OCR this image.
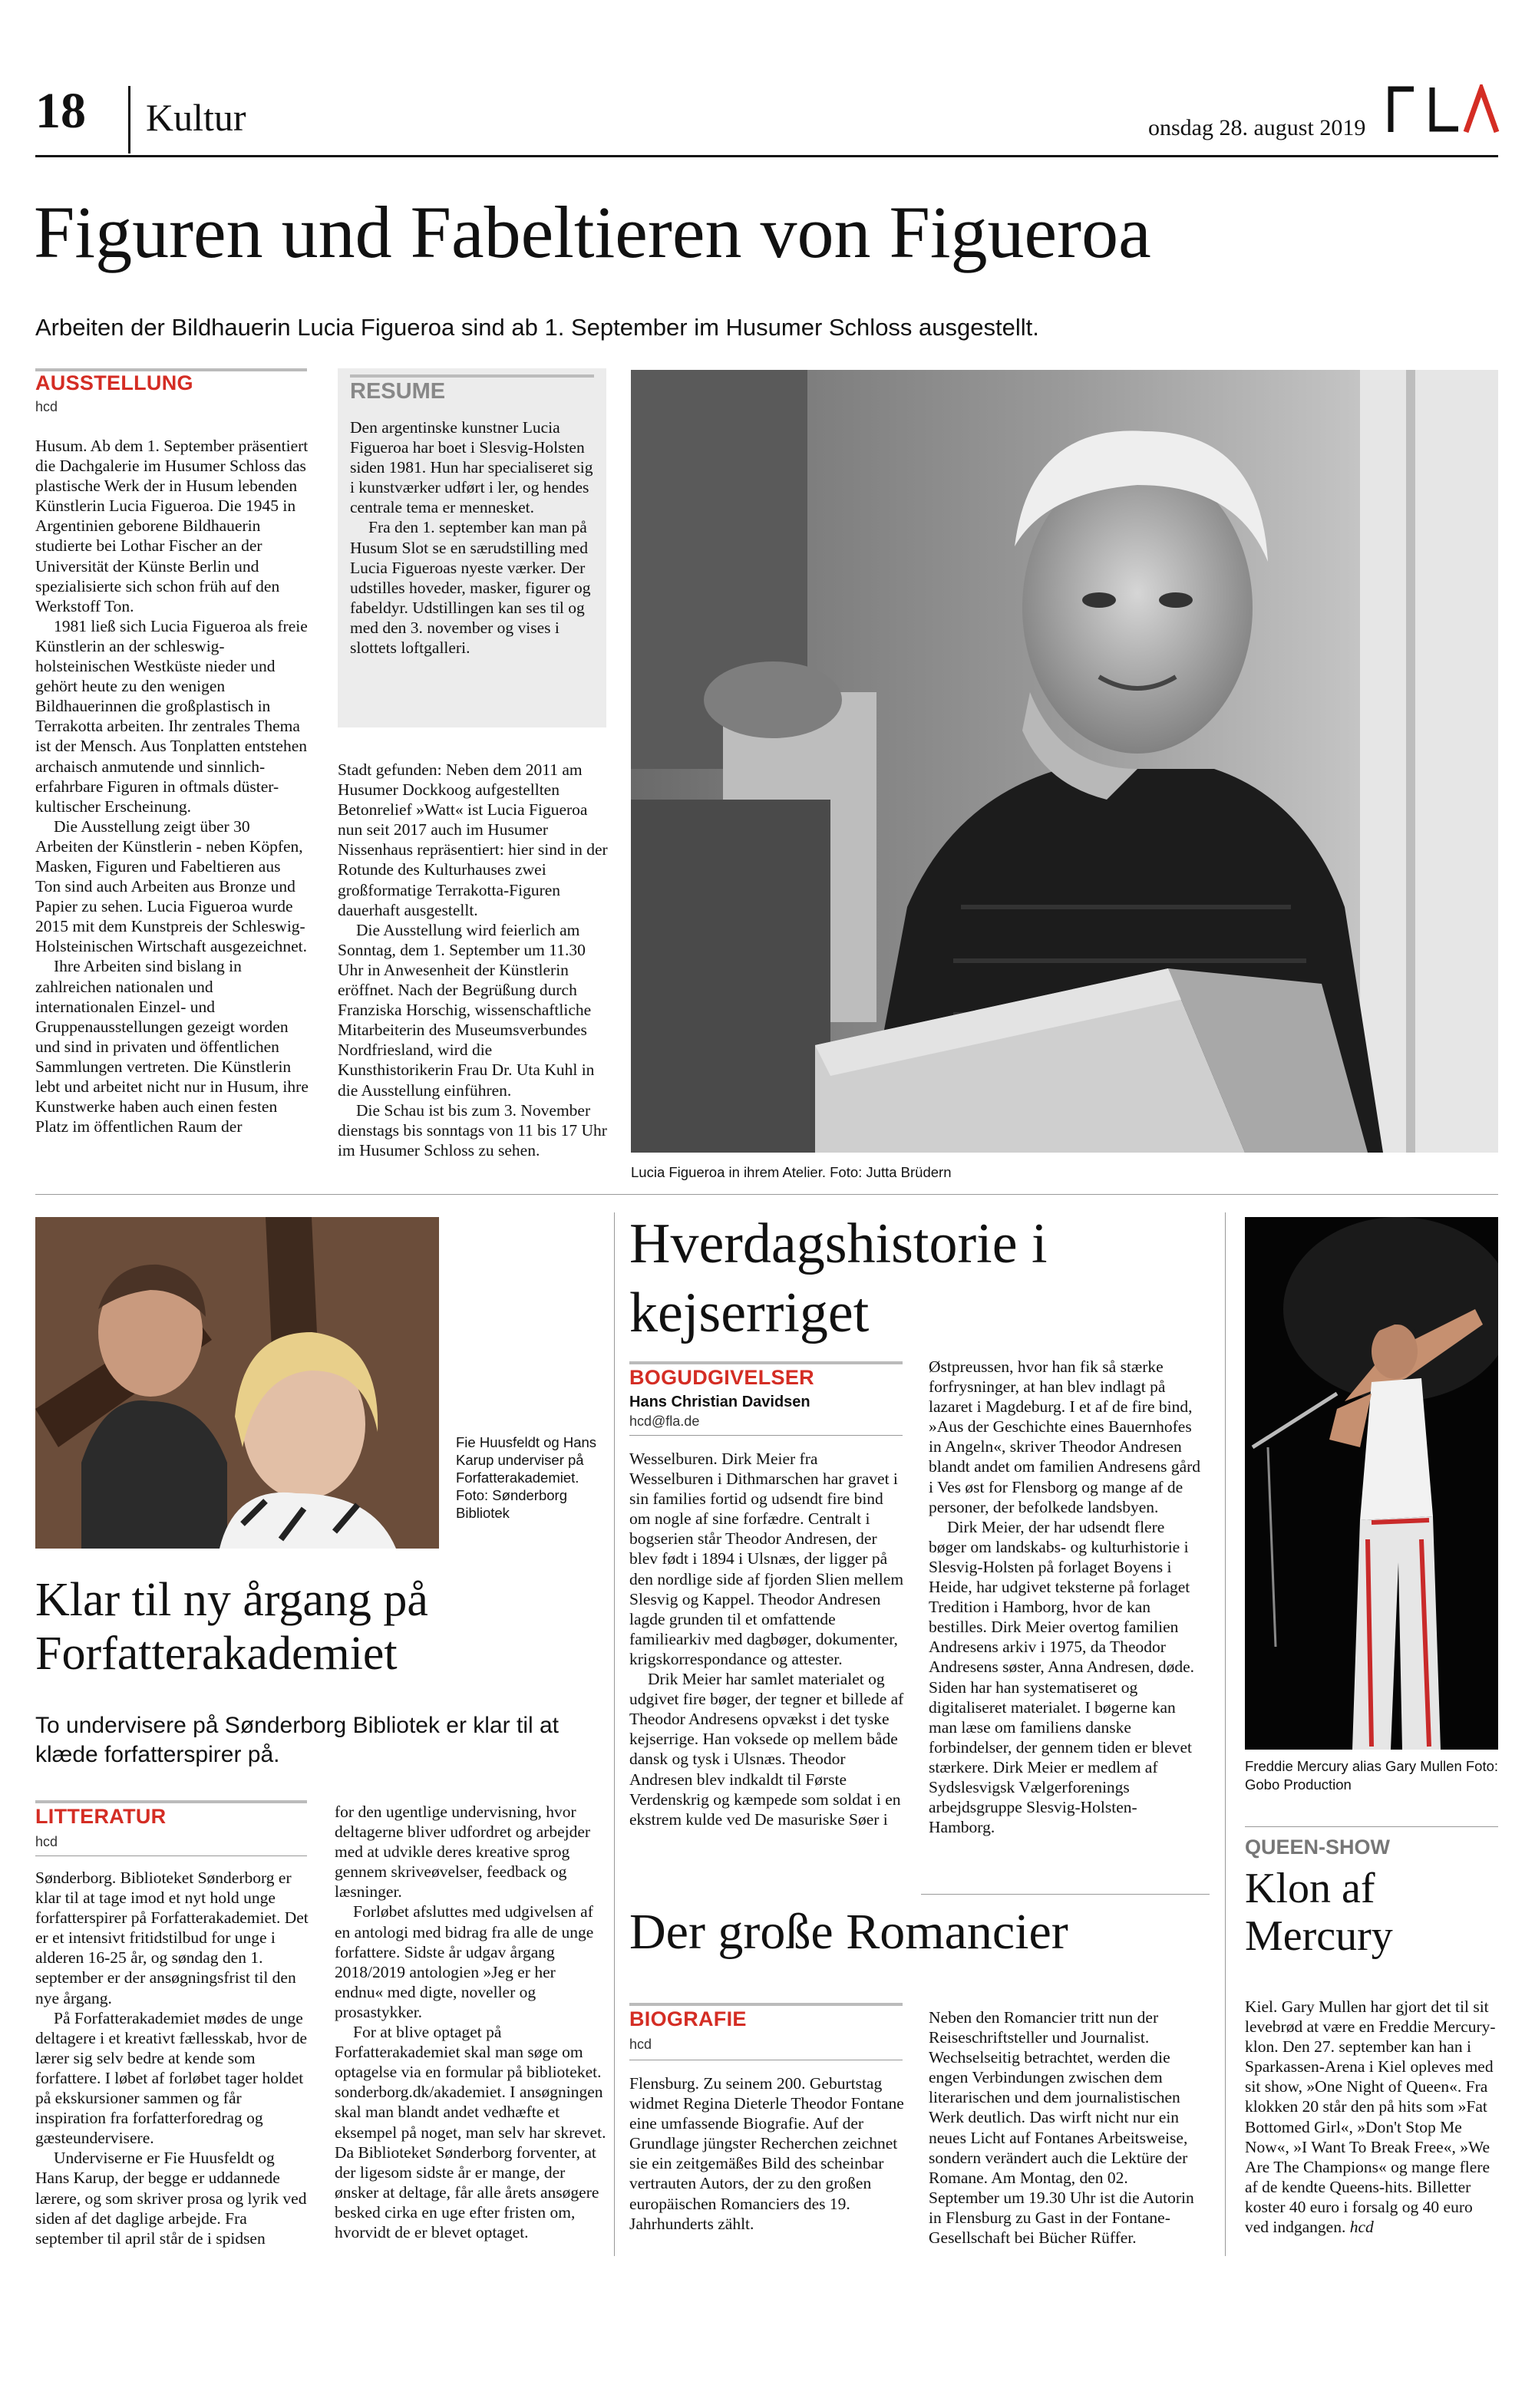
18 Kultur	onsdag 28. august 2019
Figuren und Fabeltieren von Figueroa
Arbeiten der Bildhauerin Lucia Figueroa sind ab 1. September im Husumer Schloss ausgestellt.
AUSSTELLUNG
hcd

Husum. Ab dem 1. September präsentiert die Dachgalerie im Husumer Schloss das plastische Werk der in Husum lebenden Künstlerin Lucia Figueroa. Die 1945 in Argentinien geborene Bildhauerin studierte bei Lothar Fischer an der Universität der Künste Berlin und spezialisierte sich schon früh auf den Werkstoff Ton.

1981 ließ sich Lucia Figueroa als freie Künstlerin an der schleswig-holsteinischen Westküste nieder und gehört heute zu den wenigen Bildhauerinnen die großplastisch in Terrakotta arbeiten. Ihr zentrales Thema ist der Mensch. Aus Tonplatten entstehen archaisch anmutende und sinnlich-erfahrbare Figuren in oftmals düster-kultischer Erscheinung.

Die Ausstellung zeigt über 30 Arbeiten der Künstlerin - neben Köpfen, Masken, Figuren und Fabeltieren aus Ton sind auch Arbeiten aus Bronze und Papier zu sehen. Lucia Figueroa wurde 2015 mit dem Kunstpreis der Schleswig-Holsteinischen Wirtschaft ausgezeichnet.

Ihre Arbeiten sind bislang in zahlreichen nationalen und internationalen Einzel- und Gruppenausstellungen gezeigt worden und sind in privaten und öffentlichen Sammlungen vertreten. Die Künstlerin lebt und arbeitet nicht nur in Husum, ihre Kunstwerke haben auch einen festen Platz im öffentlichen Raum der

RESUME

Den argentinske kunstner Lucia Figueroa har boet i Slesvig-Holsten siden 1981. Hun har specialiseret sig i kunstværker udført i ler, og hendes centrale tema er mennesket.

Fra den 1. september kan man på Husum Slot se en særudstilling med Lucia Figueroas nyeste værker. Der udstilles hoveder, masker, figurer og fabeldyr. Udstillingen kan ses til og med den 3. november og vises i slottets loftgalleri.

Stadt gefunden: Neben dem 2011 am Husumer Dockkoog aufgestellten Betonrelief »Watt« ist Lucia Figueroa nun seit 2017 auch im Husumer Nissenhaus repräsentiert: hier sind in der Rotunde des Kulturhauses zwei großformatige Terrakotta-Figuren dauerhaft ausgestellt.

Die Ausstellung wird feierlich am Sonntag, dem 1. September um 11.30 Uhr in Anwesenheit der Künstlerin eröffnet. Nach der Begrüßung durch Franziska Horschig, wissenschaftliche Mitarbeiterin des Museumsverbundes Nordfriesland, wird die Kunsthistorikerin Frau Dr. Uta Kuhl in die Ausstellung einführen.

Die Schau ist bis zum 3. November dienstags bis sonntags von 11 bis 17 Uhr im Husumer Schloss zu sehen.

Lucia Figueroa in ihrem Atelier. Foto: Jutta Brüdern
Fie Huusfeldt og Hans Karup underviser på Forfatterakademiet. Foto: Sønderborg Bibliotek
Klar til ny årgang på Forfatterakademiet
To undervisere på Sønderborg Bibliotek er klar til at klæde forfatterspirer på.
LITTERATUR
hcd

Sønderborg. Biblioteket Sønderborg er klar til at tage imod et nyt hold unge forfatterspirer på Forfatterakademiet. Det er et intensivt fritidstilbud for unge i alderen 16-25 år, og søndag den 1. september er der ansøgningsfrist til den nye årgang.

På Forfatterakademiet mødes de unge deltagere i et kreativt fællesskab, hvor de lærer sig selv bedre at kende som forfattere. I løbet af forløbet tager holdet på ekskursioner sammen og får inspiration fra forfatterforedrag og gæsteundervisere.

Underviserne er Fie Huusfeldt og Hans Karup, der begge er uddannede lærere, og som skriver prosa og lyrik ved siden af det daglige arbejde. Fra september til april står de i spidsen

for den ugentlige undervisning, hvor deltagerne bliver udfordret og arbejder med at udvikle deres kreative sprog gennem skriveøvelser, feedback og læsninger.

Forløbet afsluttes med udgivelsen af en antologi med bidrag fra alle de unge forfattere. Sidste år udgav årgang 2018/2019 antologien »Jeg er her endnu« med digte, noveller og prosastykker.

For at blive optaget på Forfatterakademiet skal man søge om optagelse via en formular på biblioteket. sonderborg.dk/akademiet. I ansøgningen skal man blandt andet vedhæfte et eksempel på noget, man selv har skrevet. Da Biblioteket Sønderborg forventer, at der ligesom sidste år er mange, der ønsker at deltage, får alle årets ansøgere besked cirka en uge efter fristen om, hvorvidt de er blevet optaget.

Hverdagshistorie i kejserriget
BOGUDGIVELSER
Hans Christian Davidsen
hcd@fla.de

Wesselburen. Dirk Meier fra Wesselburen i Dithmarschen har gravet i sin families fortid og udsendt fire bind om nogle af sine forfædre. Centralt i bogserien står Theodor Andresen, der blev født i 1894 i Ulsnæs, der ligger på den nordlige side af fjorden Slien mellem Slesvig og Kappel. Theodor Andresen lagde grunden til et omfattende familiearkiv med dagbøger, dokumenter, krigskorrespondance og attester.

Drik Meier har samlet materialet og udgivet fire bøger, der tegner et billede af Theodor Andresens opvækst i det tyske kejserrige. Han voksede op mellem både dansk og tysk i Ulsnæs. Theodor Andresen blev indkaldt til Første Verdenskrig og kæmpede som soldat i en ekstrem kulde ved De masuriske Søer i

Østpreussen, hvor han fik så stærke forfrysninger, at han blev indlagt på lazaret i Magdeburg. I et af de fire bind, »Aus der Geschichte eines Bauernhofes in Angeln«, skriver Theodor Andresen blandt andet om familien Andresens gård i Ves øst for Flensborg og mange af de personer, der befolkede landsbyen.

Dirk Meier, der har udsendt flere bøger om landskabs- og kulturhistorie i Slesvig-Holsten på forlaget Boyens i Heide, har udgivet teksterne på forlaget Tredition i Hamborg, hvor de kan bestilles. Dirk Meier overtog familien Andresens arkiv i 1975, da Theodor Andresens søster, Anna Andresen, døde. Siden har han systematiseret og digitaliseret materialet. I bøgerne kan man læse om familiens danske forbindelser, der gennem tiden er blevet stærkere. Dirk Meier er medlem af Sydslesvigsk Vælgerforenings arbejdsgruppe Slesvig-Holsten-Hamborg.

Der große Romancier
BIOGRAFIE
hcd

Flensburg. Zu seinem 200. Geburtstag widmet Regina Dieterle Theodor Fontane eine umfassende Biografie. Auf der Grundlage jüngster Recherchen zeichnet sie ein zeitgemäßes Bild des scheinbar vertrauten Autors, der zu den großen europäischen Romanciers des 19. Jahrhunderts zählt.

Neben den Romancier tritt nun der Reiseschriftsteller und Journalist. Wechselseitig betrachtet, werden die engen Verbindungen zwischen dem literarischen und dem journalistischen Werk deutlich. Das wirft nicht nur ein neues Licht auf Fontanes Arbeitsweise, sondern verändert auch die Lektüre der Romane. Am Montag, den 02. September um 19.30 Uhr ist die Autorin in Flensburg zu Gast in der Fontane-Gesellschaft bei Bücher Rüffer.

Freddie Mercury alias Gary Mullen Foto: Gobo Production
QUEEN-SHOW
Klon af Mercury

Kiel. Gary Mullen har gjort det til sit levebrød at være en Freddie Mercury-klon. Den 27. september kan han i Sparkassen-Arena i Kiel opleves med sit show, »One Night of Queen«. Fra klokken 20 står den på hits som »Fat Bottomed Girl«, »Don't Stop Me Now«, »I Want To Break Free«, »We Are The Champions« og mange flere af de kendte Queens-hits. Billetter koster 40 euro i forsalg og 40 euro ved indgangen. hcd
